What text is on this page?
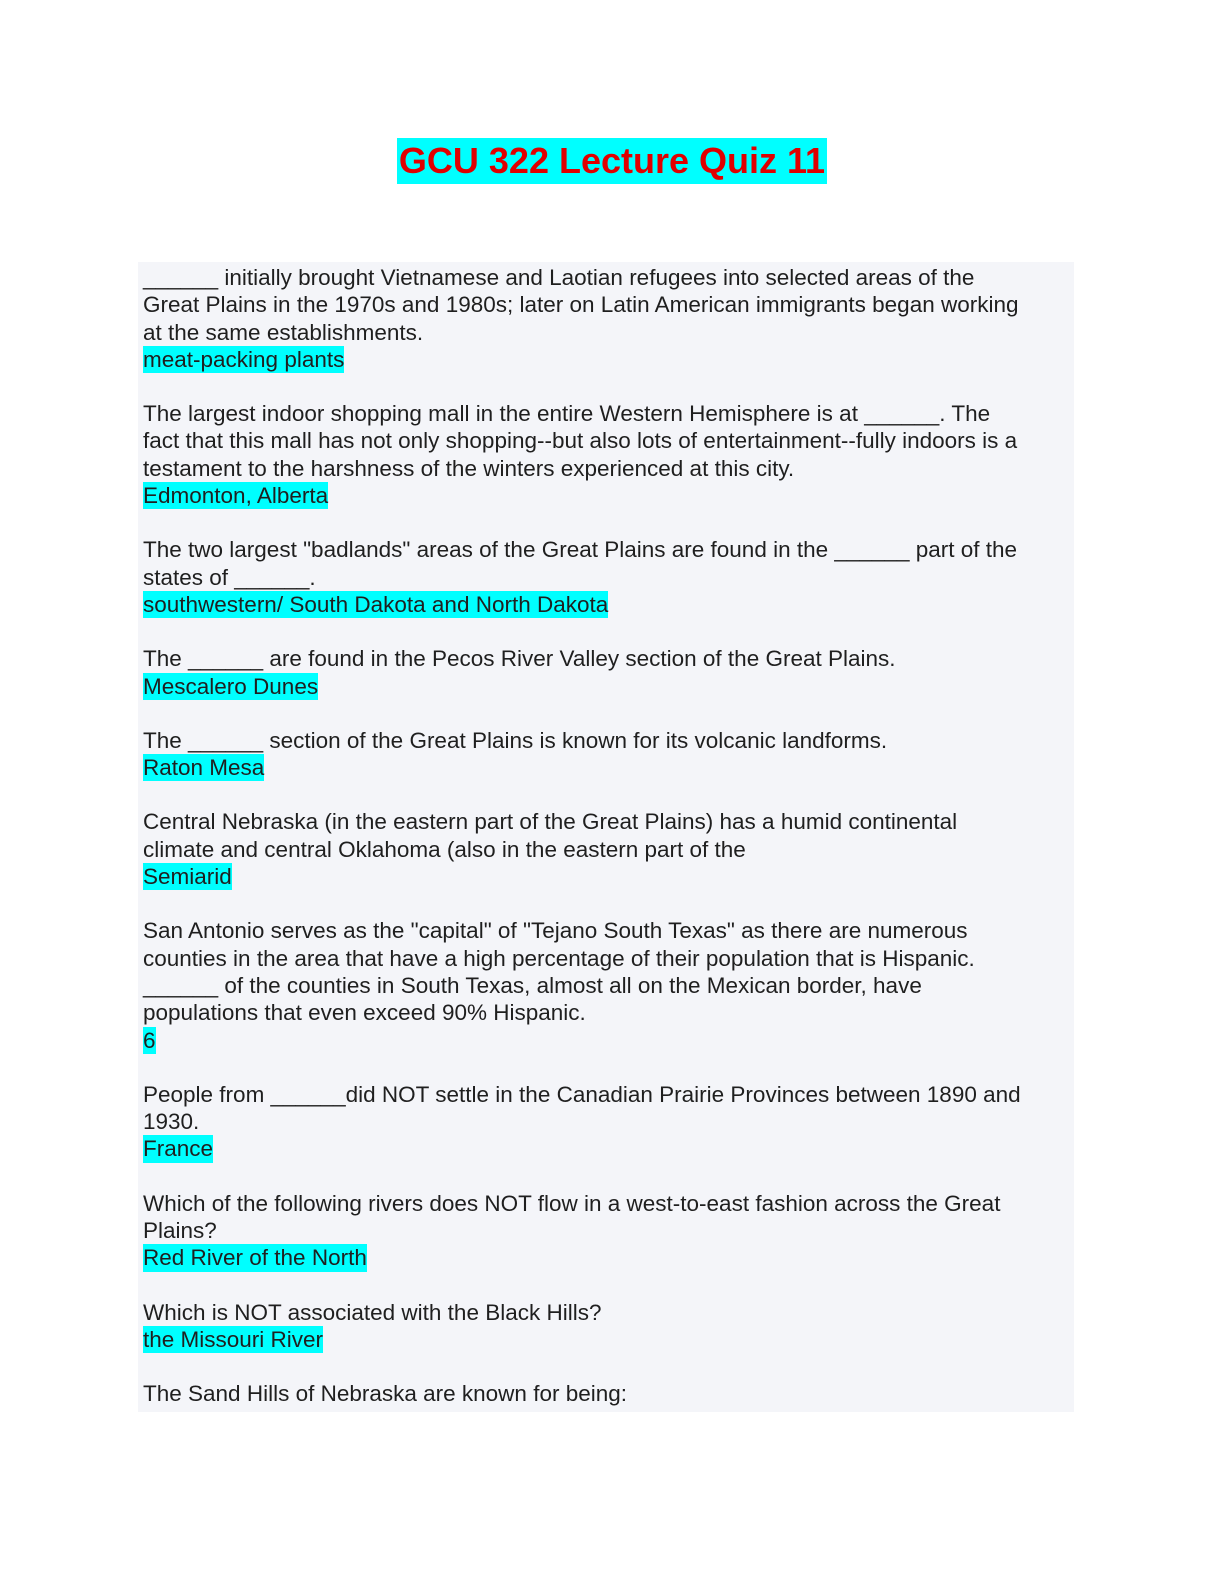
GCU 322 Lecture Quiz 11
______ initially brought Vietnamese and Laotian refugees into selected areas of the
Great Plains in the 1970s and 1980s; later on Latin American immigrants began working
at the same establishments.
meat-packing plants
The largest indoor shopping mall in the entire Western Hemisphere is at ______. The
fact that this mall has not only shopping--but also lots of entertainment--fully indoors is a
testament to the harshness of the winters experienced at this city.
Edmonton, Alberta
The two largest "badlands" areas of the Great Plains are found in the ______ part of the
states of ______.
southwestern/ South Dakota and North Dakota
The ______ are found in the Pecos River Valley section of the Great Plains.
Mescalero Dunes
The ______ section of the Great Plains is known for its volcanic landforms.
Raton Mesa
Central Nebraska (in the eastern part of the Great Plains) has a humid continental
climate and central Oklahoma (also in the eastern part of the
Semiarid
San Antonio serves as the "capital" of "Tejano South Texas" as there are numerous
counties in the area that have a high percentage of their population that is Hispanic.
______ of the counties in South Texas, almost all on the Mexican border, have
populations that even exceed 90% Hispanic.
6
People from ______did NOT settle in the Canadian Prairie Provinces between 1890 and
1930.
France
Which of the following rivers does NOT flow in a west-to-east fashion across the Great
Plains?
Red River of the North
Which is NOT associated with the Black Hills?
the Missouri River
The Sand Hills of Nebraska are known for being:
